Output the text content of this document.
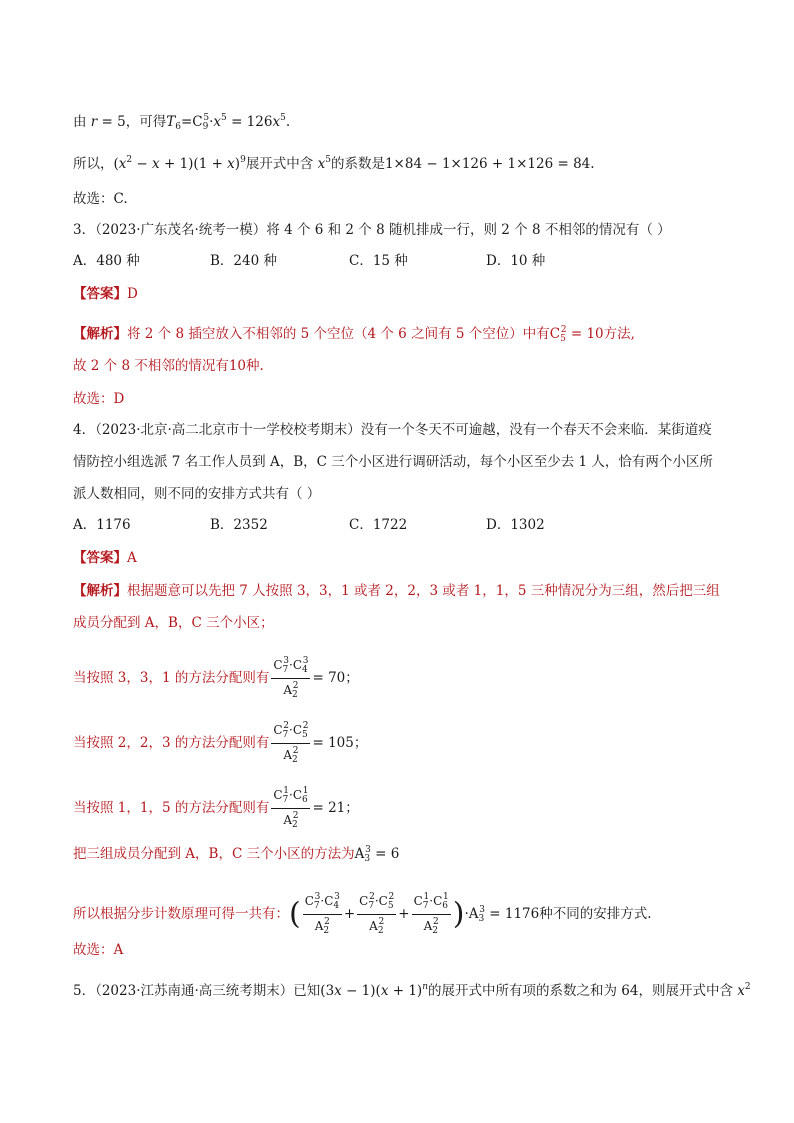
由 r = 5，可得$T_6=C_9^5\cdot x^5 = 126x^5$.
所以，$(x^2 - x + 1)(1 + x)^9$展开式中含 $x^5$的系数是1×84 − 1×126 + 1×126 = 84.
故选：C.
3．（2023·广东茂名·统考一模）将 4 个 6 和 2 个 8 随机排成一行，则 2 个 8 不相邻的情况有（ ）
A．480 种	B．240 种	C．15 种	D．10 种
【答案】D
【解析】将 2 个 8 插空放入不相邻的 5 个空位（4 个 6 之间有 5 个空位）中有$C_5^2 = 10$方法,
故 2 个 8 不相邻的情况有10种.
故选：D
4．（2023·北京·高二北京市十一学校校考期末）没有一个冬天不可逾越，没有一个春天不会来临．某街道疫
情防控小组选派 7 名工作人员到 A，B，C 三个小区进行调研活动，每个小区至少去 1 人，恰有两个小区所
派人数相同，则不同的安排方式共有（ ）
A．1176	B．2352	C．1722	D．1302
【答案】A
【解析】根据题意可以先把 7 人按照 3，3，1 或者 2，2，3 或者 1，1，5 三种情况分为三组，然后把三组
成员分配到 A，B，C 三个小区；
当按照 3，3，1 的方法分配则有 $\frac{C_7^3\cdot C_4^3}{A_2^2} = 70$；
当按照 2，2，3 的方法分配则有 $\frac{C_7^2\cdot C_5^2}{A_2^2} = 105$；
当按照 1，1，5 的方法分配则有 $\frac{C_7^1\cdot C_6^1}{A_2^2} = 21$；
把三组成员分配到 A，B，C 三个小区的方法为$A_3^3 = 6$
所以根据分步计数原理可得一共有：( $\frac{C_7^3\cdot C_4^3}{A_2^2} + \frac{C_7^2\cdot C_5^2}{A_2^2} + \frac{C_7^1\cdot C_6^1}{A_2^2} )\cdot A_3^3 = 1176$种不同的安排方式.
故选：A
5．（2023·江苏南通·高三统考期末）已知$(3x - 1)(x + 1)^n$的展开式中所有项的系数之和为 64，则展开式中含 $x^2$
